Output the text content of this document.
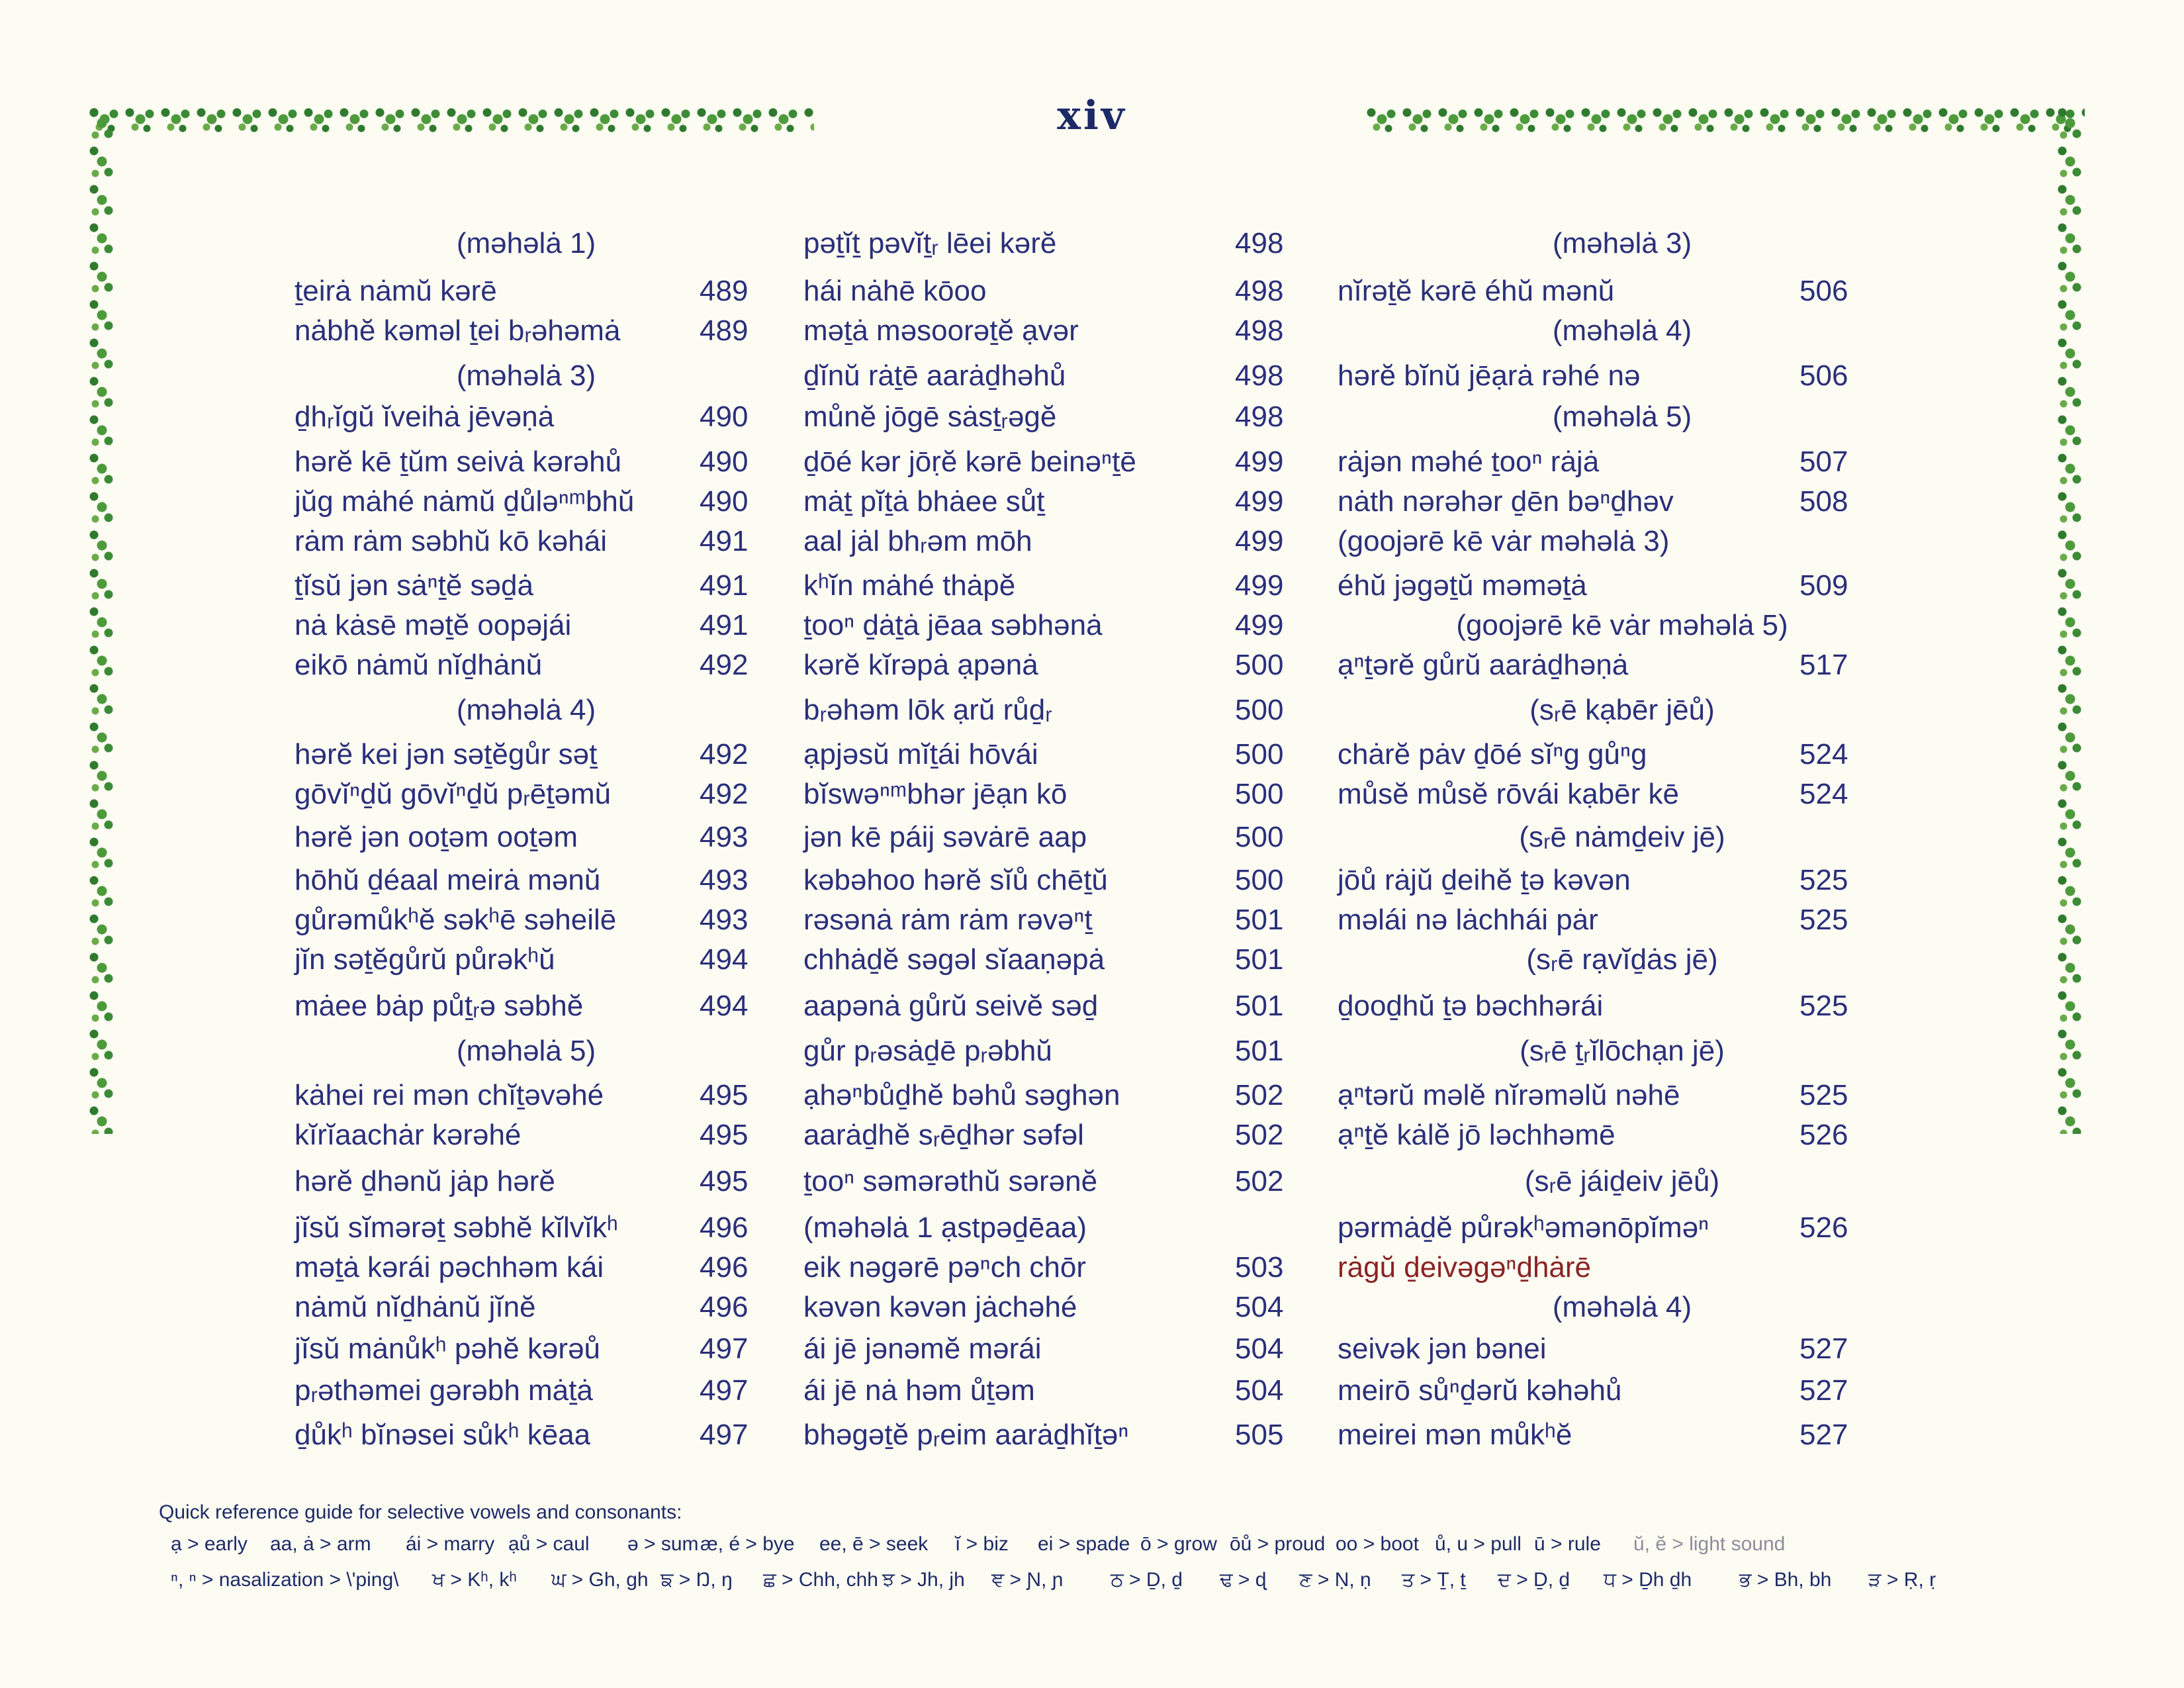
xiv
(məhəlȧ 1)
ṯeirȧ nȧmŭ kərē	489
nȧbhĕ kəməl ṯei bᵣəhəmȧ	489
(məhəlȧ 3)
ḏhᵣĭgŭ ĭveihȧ jēvəṇȧ	490
hərĕ kē ṯŭm seivȧ kərəhů	490
jŭg mȧhé nȧmŭ ḏůləⁿᵐbhŭ 490
rȧm rȧm səbhŭ kō kəhái	491
ṯĭsŭ jən sȧⁿṯĕ səḏȧ	491
nȧ kȧsē məṯĕ oopəjái	491
eikō nȧmŭ nĭḏhȧnŭ	492
(məhəlȧ 4)
hərĕ kei jən səṯĕgůr səṯ	492
gōvĭⁿḏŭ gōvĭⁿḏŭ pᵣēṯəmŭ	492
hərĕ jən ooṯəm ooṯəm	493
hōhŭ ḏéaal meirȧ mənŭ	493
gůrəmůkʰĕ səkʰē səheilē	493
jĭn səṯĕgůrŭ půrəkʰŭ	494
mȧee bȧp půṯᵣə səbhĕ	494
(məhəlȧ 5)
kȧhei rei mən chĭṯəvəhé	495
kĭrĭaachȧr kərəhé	495
hərĕ ḏhənŭ jȧp hərĕ	495
jĭsŭ sĭmərəṯ səbhĕ kĭlvĭkʰ	496
məṯȧ kərái pəchhəm kái	496
nȧmŭ nĭḏhȧnŭ jĭnĕ	496
jĭsŭ mȧnůkʰ pəhĕ kərəů	497
pᵣəthəmei gərəbh mȧṯȧ	497
ḏůkʰ bĭnəsei sůkʰ kēaa	497
pəṯĭṯ pəvĭṯᵣ lēei kərĕ	498
hái nȧhē kōoo	498
məṯȧ məsoorəṯĕ ạvər	498
ḏĭnŭ rȧṯē aarȧḏhəhů	498
můnĕ jōgē sȧsṯᵣəgĕ	498
ḏōé kər jōṛĕ kərē beinəⁿṯē	499
mȧṯ pĭṯȧ bhȧee sůṯ	499
aal jȧl bhᵣəm mōh	499
kʰĭn mȧhé thȧpĕ	499
ṯooⁿ ḏȧṯȧ jēaa səbhənȧ	499
kərĕ kĭrəpȧ ạpənȧ	500
bᵣəhəm lōk ạrŭ růḏᵣ	500
ạpjəsŭ mĭṯái hōvái	500
bĭswəⁿᵐbhər jēạn kō	500
jən kē páij səvȧrē aap	500
kəbəhoo hərĕ sĭů chēṯŭ	500
rəsənȧ rȧm rȧm rəvəⁿṯ	501
chhȧḏĕ səgəl sĭaaṇəpȧ	501
aapənȧ gůrŭ seivĕ səḏ	501
gůr pᵣəsȧḏē pᵣəbhŭ	501
ạhəⁿbůḏhĕ bəhů səghən	502
aarȧḏhĕ sᵣēḏhər səfəl	502
ṯooⁿ səmərəthŭ sərənĕ	502
(məhəlȧ 1 ạstpəḏēaa)
eik nəgərē pəⁿch chōr	503
kəvən kəvən jȧchəhé	504
ái jē jənəmĕ mərái	504
ái jē nȧ həm ůṯəm	504
bhəgəṯĕ pᵣeim aarȧḏhĭṯəⁿ	505
(məhəlȧ 3)
nĭrəṯĕ kərē éhŭ mənŭ	506
(məhəlȧ 4)
hərĕ bĭnŭ jēạrȧ rəhé nə	506
(məhəlȧ 5)
rȧjən məhé ṯooⁿ rȧjȧ	507
nȧth nərəhər ḏēn bəⁿḏhəv	508
(goojərē kē vȧr məhəlȧ 3)
éhŭ jəgəṯŭ məməṯȧ	509
(goojərē kē vȧr məhəlȧ 5)
ạⁿṯərĕ gůrŭ aarȧḏhəṇȧ	517
(sᵣē kạbēr jēů)
chȧrĕ pȧv ḏōé sĭⁿg gůⁿg	524
můsĕ můsĕ rōvái kạbēr kē	524
(sᵣē nȧmḏeiv jē)
jōů rȧjŭ ḏeihĕ ṯə kəvən	525
məlái nə lȧchhái pȧr	525
(sᵣē rạvĭḏȧs jē)
ḏooḏhŭ ṯə bəchhərái	525
(sᵣē ṯᵣĭlōchạn jē)
ạⁿtərŭ məlĕ nĭrəməlŭ nəhē	525
ạⁿṯĕ kȧlĕ jō ləchhəmē	526
(sᵣē jáiḏeiv jēů)
pərmȧḏĕ půrəkʰəmənōpĭməⁿ	526
rȧgŭ ḏeivəgəⁿḏhȧrē
(məhəlȧ 4)
seivək jən bənei	527
meirō sůⁿḏərŭ kəhəhů	527
meirei mən můkʰĕ	527
Quick reference guide for selective vowels and consonants:
ạ > early aa, ȧ > arm ái > marry ạů > caul ə > sum æ, é > bye ee, ē > seek ĭ > biz ei > spade ō > grow ōů > proud oo > boot ů, u > pull ū > rule ŭ, ĕ > light sound
ⁿ, ⁿ > nasalization > \'ping\ ਖ > Kʰ, kʰ ਘ > Gh, gh ਙ > Ŋ, ŋ ਛ > Chh, chh ਝ > Jh, jh ਞ > Ɲ, ɲ ਠ > Ḏ, ḏ ਢ > ɖ ਣ > Ṇ, ṇ ਤ > Ṯ, ṯ ਦ > Ḏ, ḏ ਧ > Ḏh ḏh ਭ > Bh, bh ੜ > Ṛ, ṛ
